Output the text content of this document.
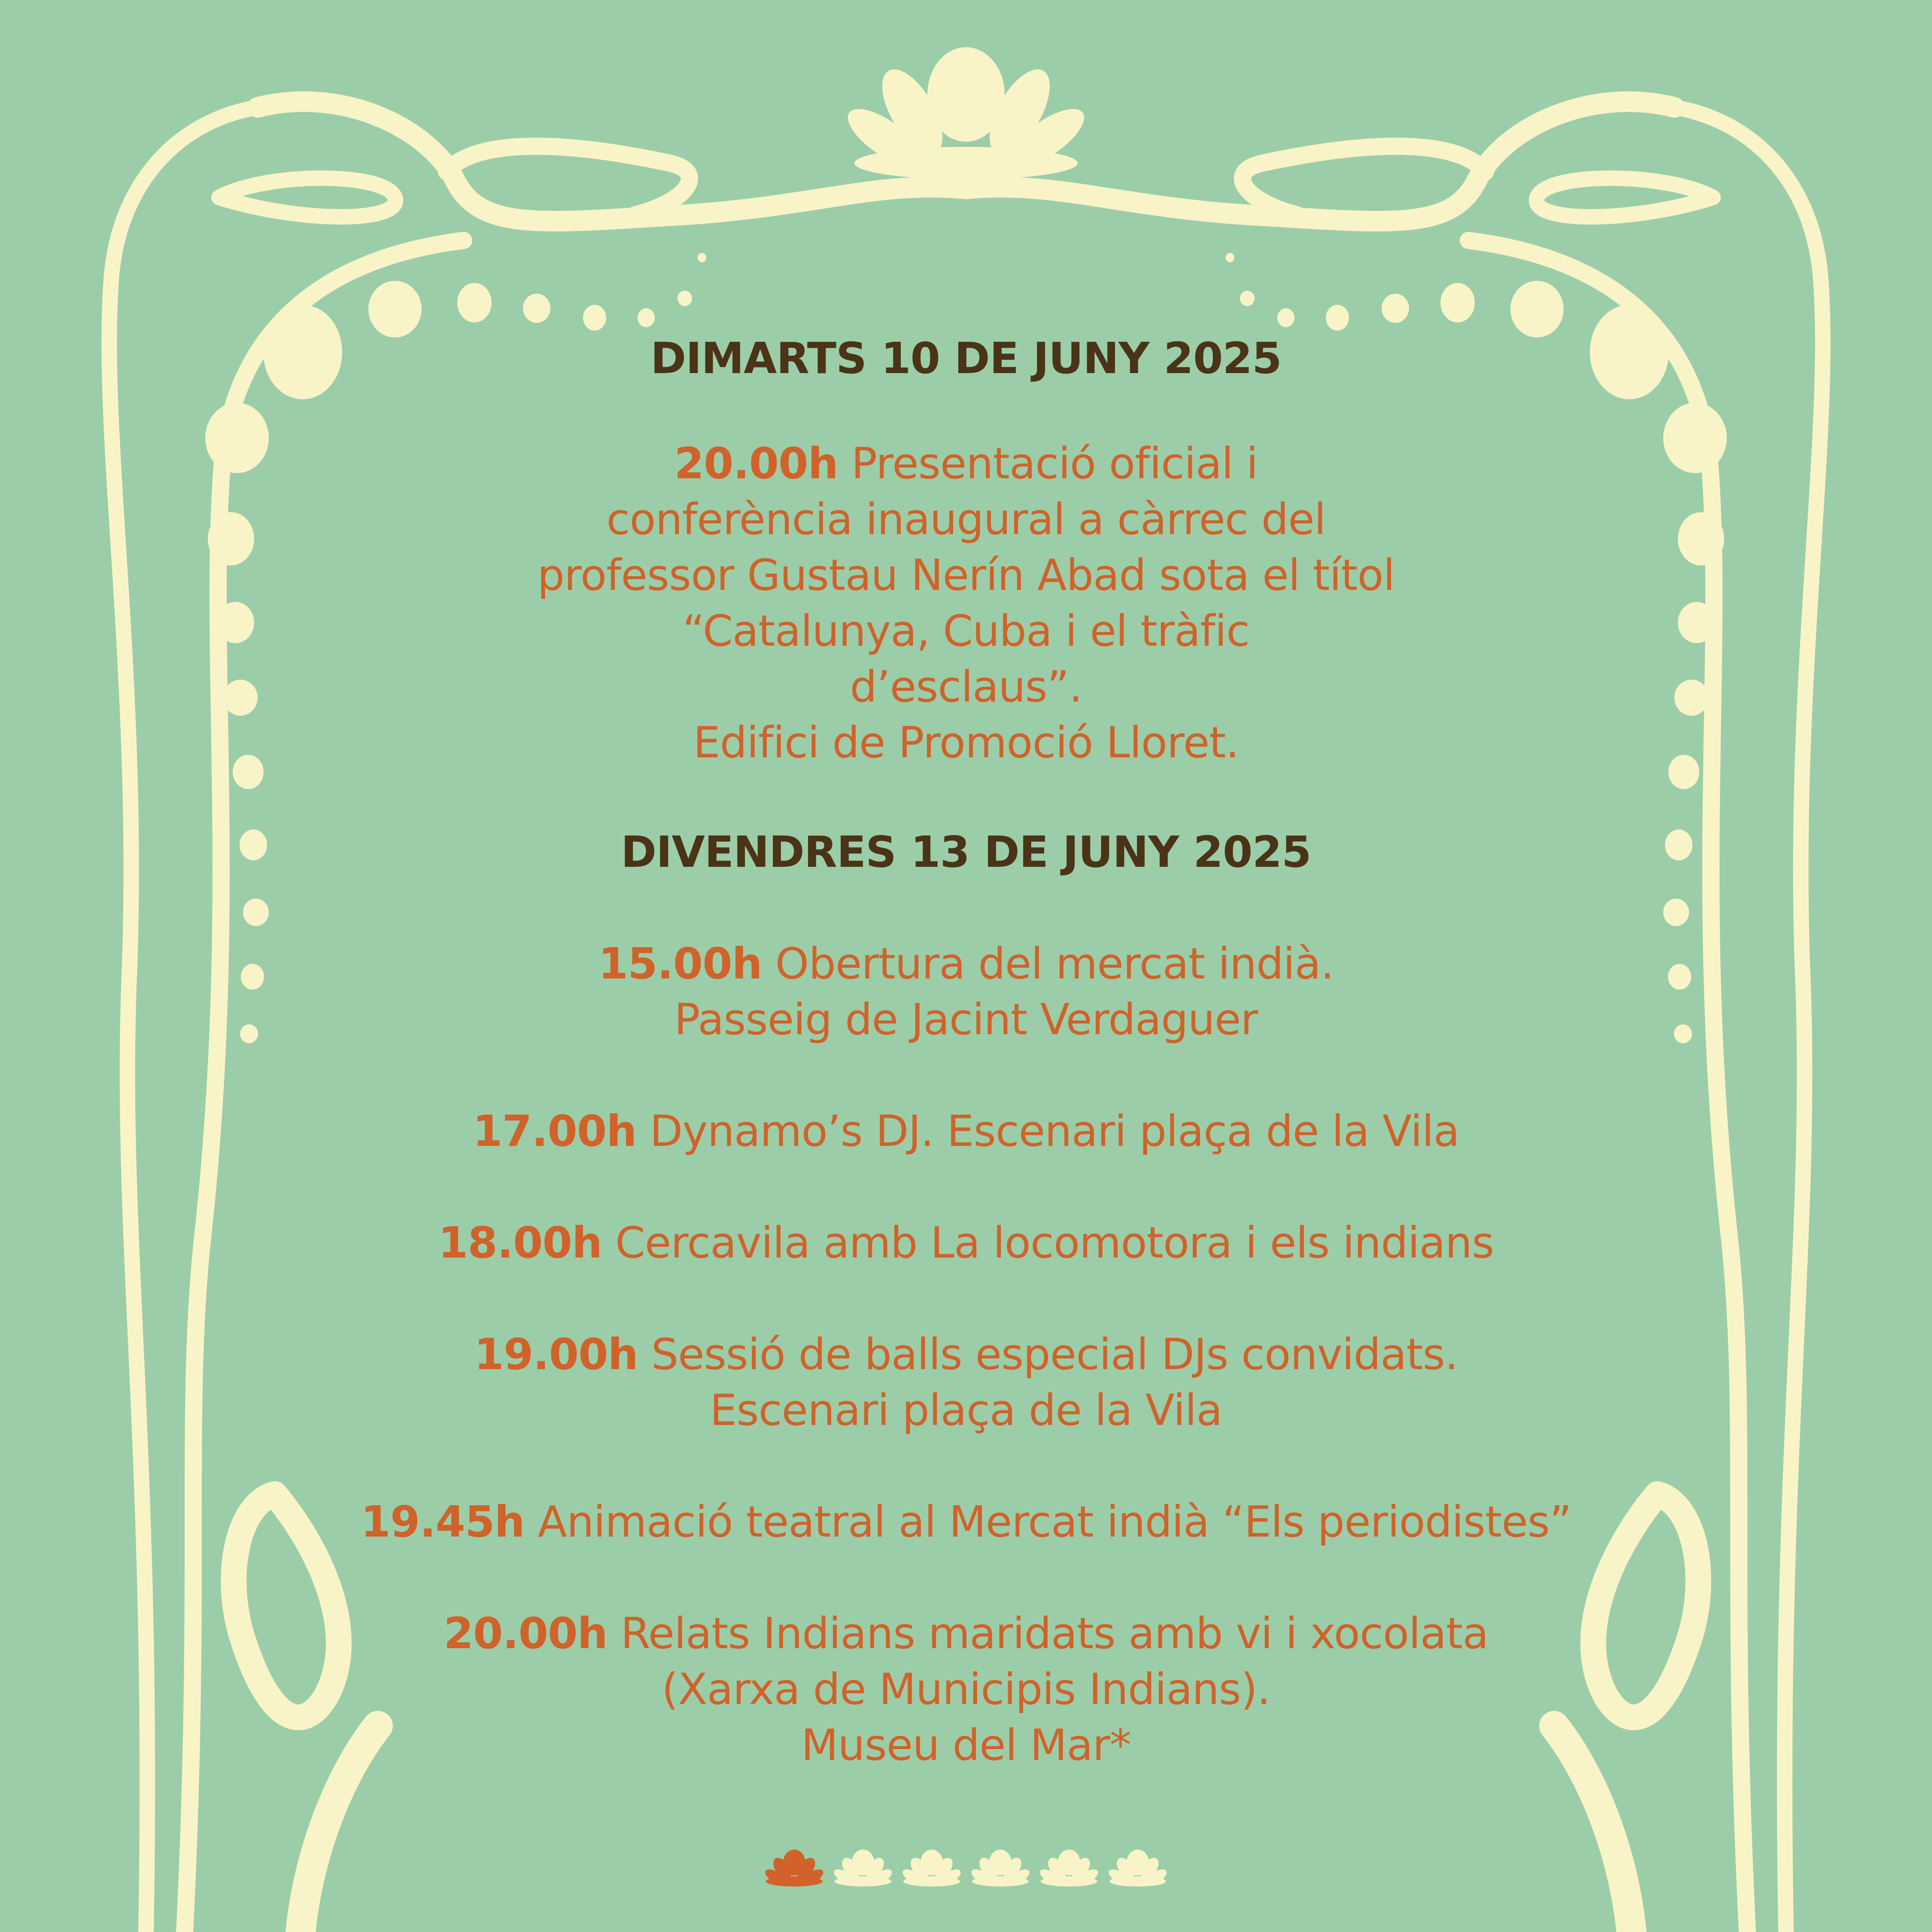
DIMARTS 10 DE JUNY 2025
20.00h Presentació oficial i
conferència inaugural a càrrec del
professor Gustau Nerín Abad sota el títol
“Catalunya, Cuba i el tràfic
d’esclaus”.
Edifici de Promoció Lloret.
DIVENDRES 13 DE JUNY 2025
15.00h Obertura del mercat indià.
Passeig de Jacint Verdaguer
17.00h Dynamo’s DJ. Escenari plaça de la Vila
18.00h Cercavila amb La locomotora i els indians
19.00h Sessió de balls especial DJs convidats.
Escenari plaça de la Vila
19.45h Animació teatral al Mercat indià “Els periodistes”
20.00h Relats Indians maridats amb vi i xocolata
(Xarxa de Municipis Indians).
Museu del Mar*
